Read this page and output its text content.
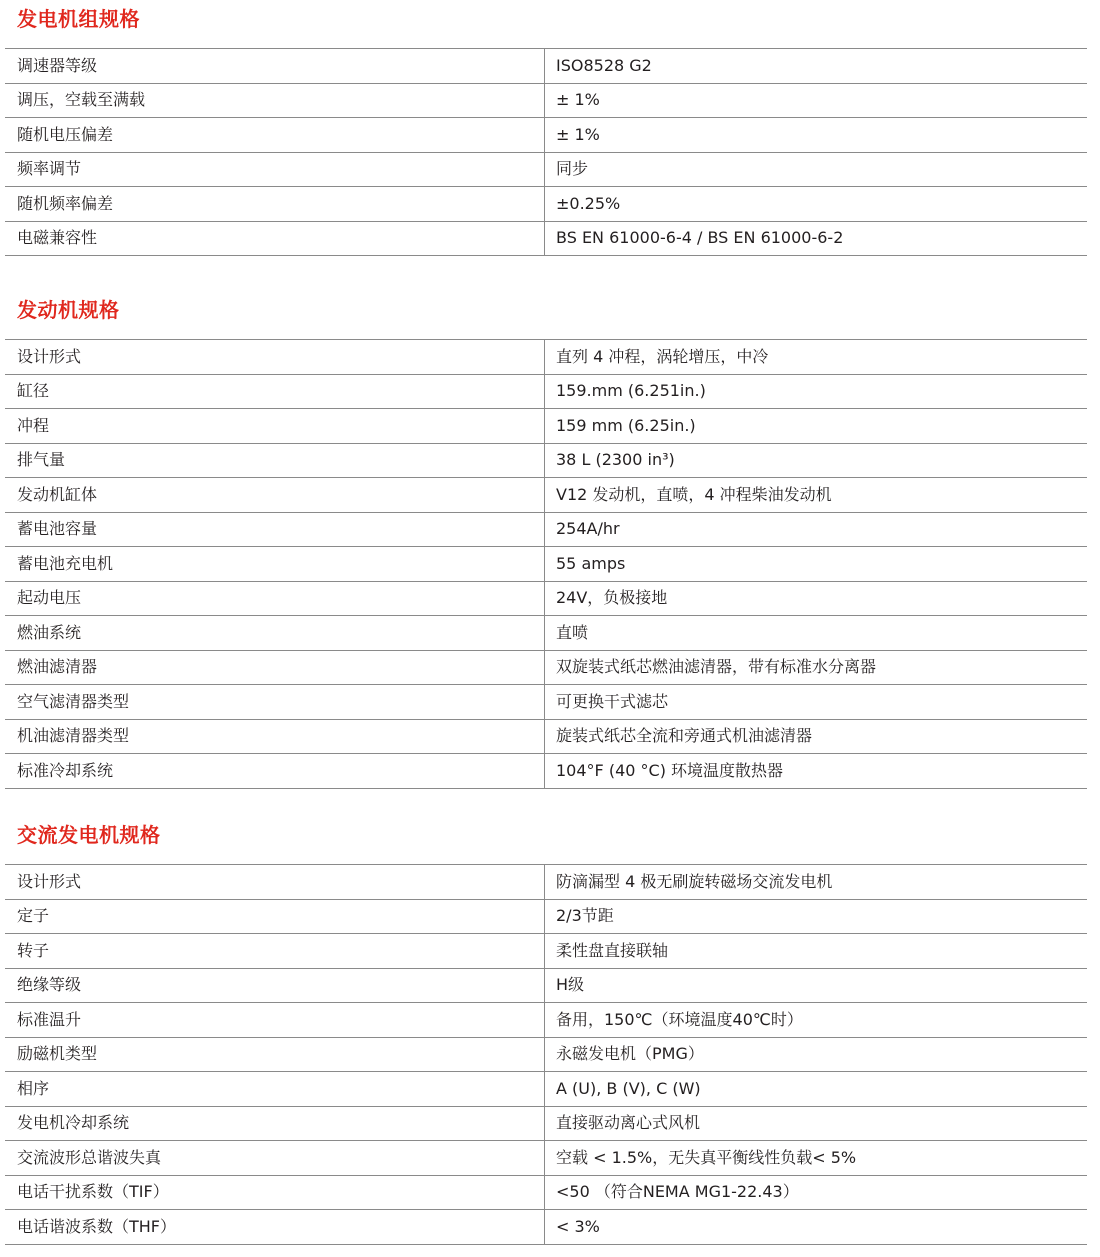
发电机组规格
调速器等级	ISO8528 G2
调压，空载至满载	± 1%
随机电压偏差	± 1%
频率调节	同步
随机频率偏差	±0.25%
电磁兼容性	BS EN 61000-6-4 / BS EN 61000-6-2
发动机规格
设计形式	直列 4 冲程，涡轮增压，中冷
缸径	159.mm (6.251in.)
冲程	159 mm (6.25in.)
排气量	38 L (2300 in³)
发动机缸体	V12 发动机，直喷，4 冲程柴油发动机
蓄电池容量	254A/hr
蓄电池充电机	55 amps
起动电压	24V，负极接地
燃油系统	直喷
燃油滤清器	双旋装式纸芯燃油滤清器，带有标准水分离器
空气滤清器类型	可更换干式滤芯
机油滤清器类型	旋装式纸芯全流和旁通式机油滤清器
标准冷却系统	104°F (40 °C) 环境温度散热器
交流发电机规格
设计形式	防滴漏型 4 极无刷旋转磁场交流发电机
定子	2/3节距
转子	柔性盘直接联轴
绝缘等级	H级
标准温升	备用，150℃（环境温度40℃时）
励磁机类型	永磁发电机（PMG）
相序	A (U), B (V), C (W)
发电机冷却系统	直接驱动离心式风机
交流波形总谐波失真	空载 < 1.5%，无失真平衡线性负载< 5%
电话干扰系数（TIF）	<50 （符合NEMA MG1-22.43）
电话谐波系数（THF）	< 3%
